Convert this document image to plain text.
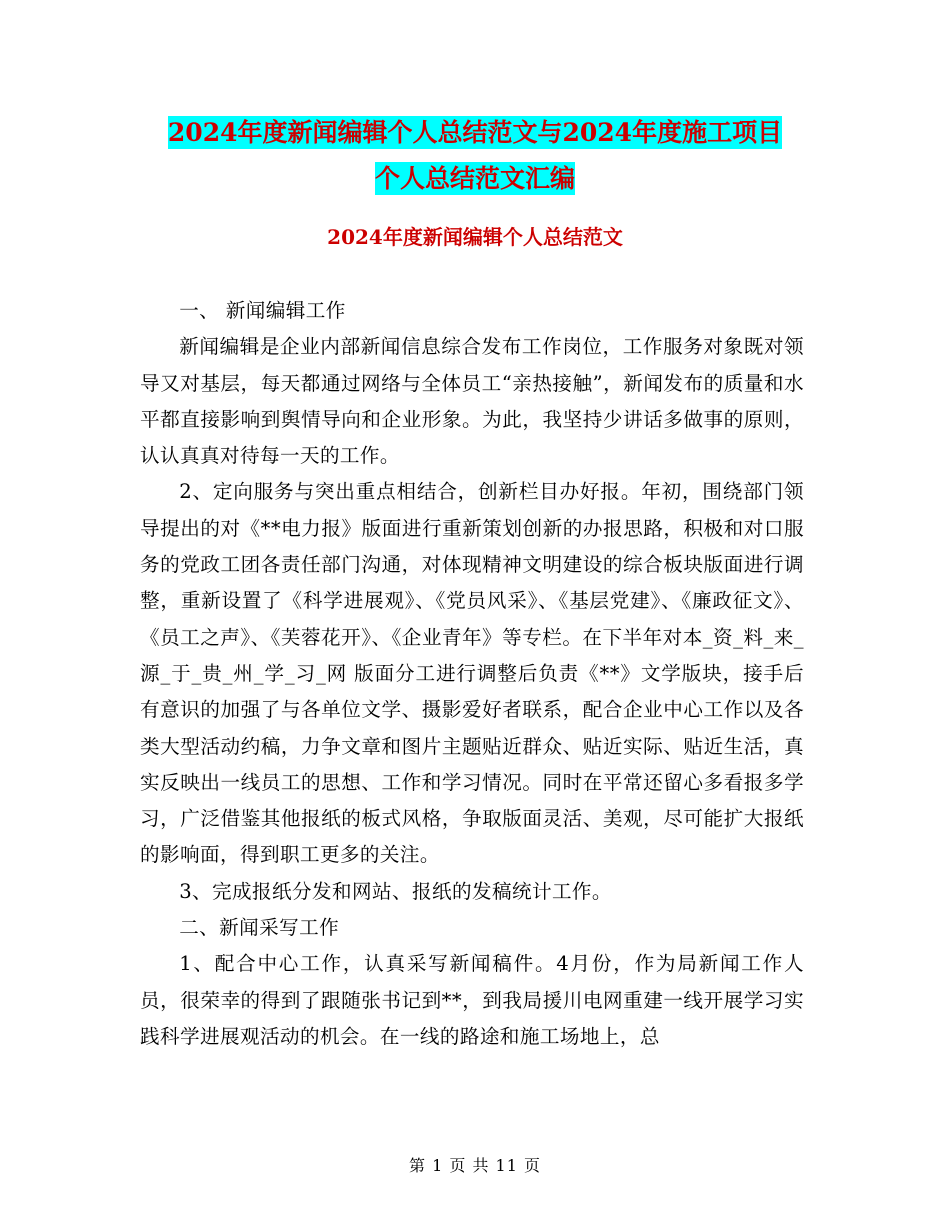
2024年度新闻编辑个人总结范文与2024年度施工项目
个人总结范文汇编
2024年度新闻编辑个人总结范文

一、 新闻编辑工作

新闻编辑是企业内部新闻信息综合发布工作岗位，工作服务对象既对领导又对基层，每天都通过网络与全体员工“亲热接触”，新闻发布的质量和水平都直接影响到舆情导向和企业形象。为此，我坚持少讲话多做事的原则，认认真真对待每一天的工作。

2、定向服务与突出重点相结合，创新栏目办好报。年初，围绕部门领导提出的对《**电力报》版面进行重新策划创新的办报思路，积极和对口服务的党政工团各责任部门沟通，对体现精神文明建设的综合板块版面进行调整，重新设置了《科学进展观》、《党员风采》、《基层党建》、《廉政征文》、《员工之声》、《芙蓉花开》、《企业青年》等专栏。在下半年对本_资_料_来_源_于_贵_州_学_习_网 版面分工进行调整后负责《**》文学版块，接手后有意识的加强了与各单位文学、摄影爱好者联系，配合企业中心工作以及各类大型活动约稿，力争文章和图片主题贴近群众、贴近实际、贴近生活，真实反映出一线员工的思想、工作和学习情况。同时在平常还留心多看报多学习，广泛借鉴其他报纸的板式风格，争取版面灵活、美观，尽可能扩大报纸的影响面，得到职工更多的关注。

3、完成报纸分发和网站、报纸的发稿统计工作。

二、新闻采写工作

1、配合中心工作，认真采写新闻稿件。4月份，作为局新闻工作人员，很荣幸的得到了跟随张书记到**，到我局援川电网重建一线开展学习实践科学进展观活动的机会。在一线的路途和施工场地上，总

第 1 页 共 11 页
